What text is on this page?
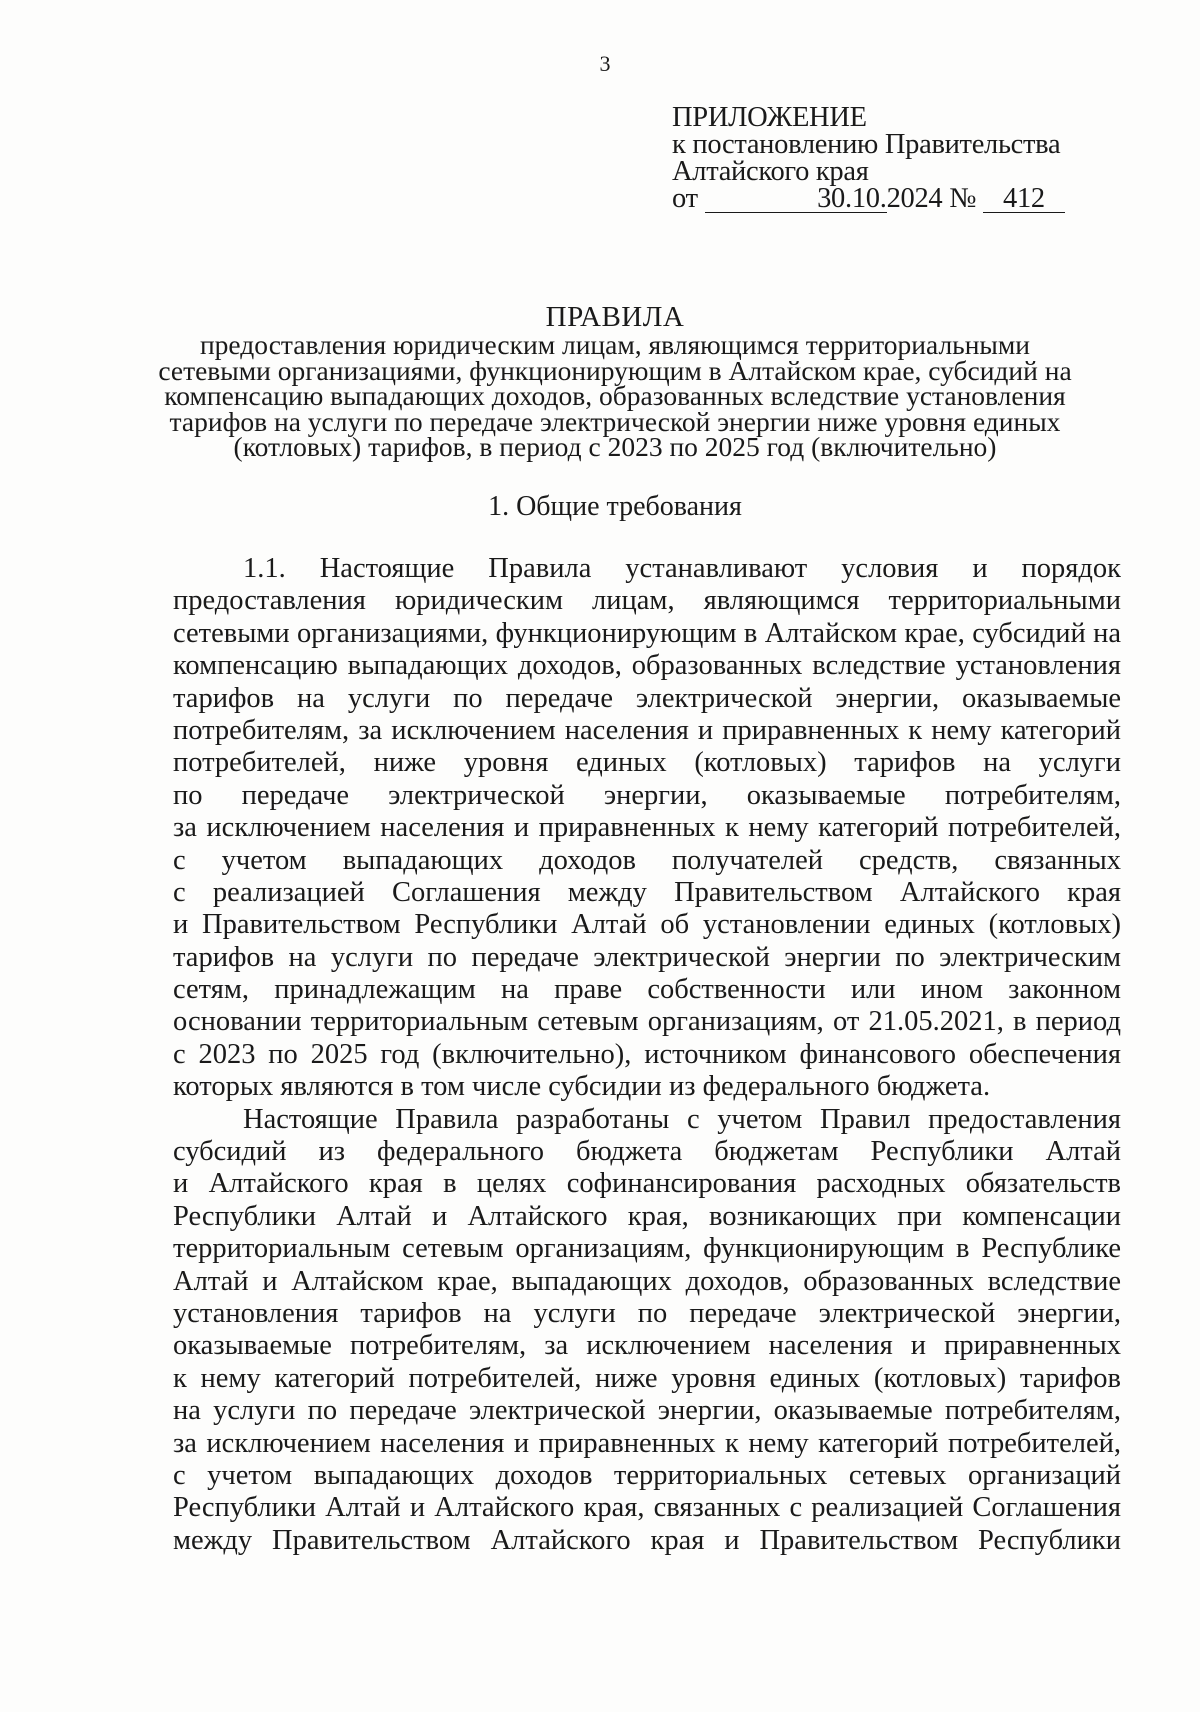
3
ПРИЛОЖЕНИЕ
к постановлению Правительства
Алтайского края
от	30.10.2024 № 412
ПРАВИЛА
предоставления юридическим лицам, являющимся территориальными
сетевыми организациями, функционирующим в Алтайском крае, субсидий на
компенсацию выпадающих доходов, образованных вследствие установления
тарифов на услуги по передаче электрической энергии ниже уровня единых
(котловых) тарифов, в период с 2023 по 2025 год (включительно)
1. Общие требования
1.1. Настоящие Правила устанавливают условия и порядок
предоставления юридическим лицам, являющимся территориальными
сетевыми организациями, функционирующим в Алтайском крае, субсидий на
компенсацию выпадающих доходов, образованных вследствие установления
тарифов на услуги по передаче электрической энергии, оказываемые
потребителям, за исключением населения и приравненных к нему категорий
потребителей, ниже уровня единых (котловых) тарифов на услуги
по передаче электрической энергии, оказываемые потребителям,
за исключением населения и приравненных к нему категорий потребителей,
с учетом выпадающих доходов получателей средств, связанных
с реализацией Соглашения между Правительством Алтайского края
и Правительством Республики Алтай об установлении единых (котловых)
тарифов на услуги по передаче электрической энергии по электрическим
сетям, принадлежащим на праве собственности или ином законном
основании территориальным сетевым организациям, от 21.05.2021, в период
с 2023 по 2025 год (включительно), источником финансового обеспечения
которых являются в том числе субсидии из федерального бюджета.
Настоящие Правила разработаны с учетом Правил предоставления
субсидий из федерального бюджета бюджетам Республики Алтай
и Алтайского края в целях софинансирования расходных обязательств
Республики Алтай и Алтайского края, возникающих при компенсации
территориальным сетевым организациям, функционирующим в Республике
Алтай и Алтайском крае, выпадающих доходов, образованных вследствие
установления тарифов на услуги по передаче электрической энергии,
оказываемые потребителям, за исключением населения и приравненных
к нему категорий потребителей, ниже уровня единых (котловых) тарифов
на услуги по передаче электрической энергии, оказываемые потребителям,
за исключением населения и приравненных к нему категорий потребителей,
с учетом выпадающих доходов территориальных сетевых организаций
Республики Алтай и Алтайского края, связанных с реализацией Соглашения
между Правительством Алтайского края и Правительством Республики
